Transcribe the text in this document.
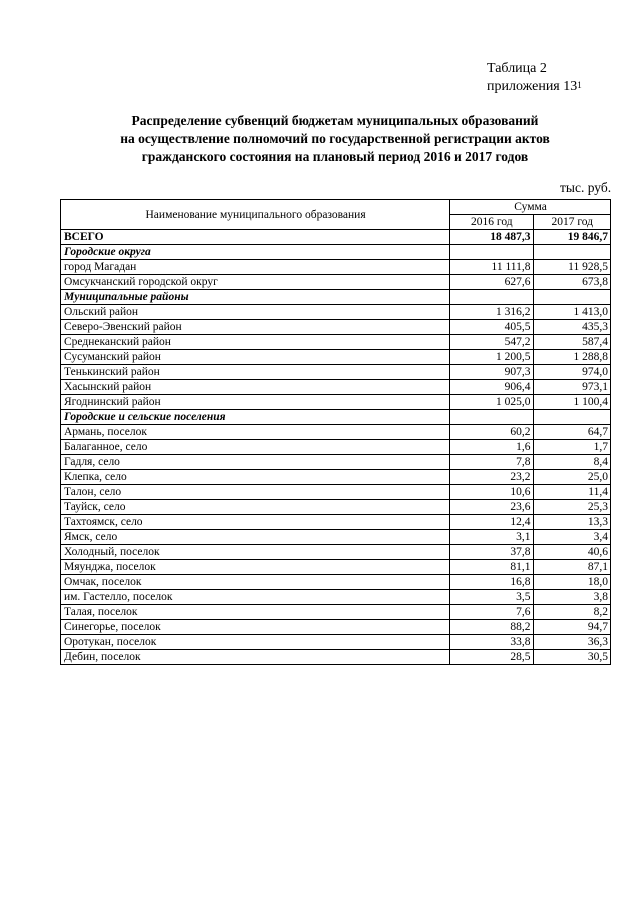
Таблица 2
приложения $13^1$
Распределение субвенций бюджетам муниципальных образований
на осуществление полномочий по государственной регистрации актов
гражданского состояния на плановый период 2016 и 2017 годов
тыс. руб.
Наименование муниципального образования	Сумма	
	2016 год	2017 год
ВСЕГО	18 487,3	19 846,7
Городские округа		
город Магадан	11 111,8	11 928,5
Омсукчанский городской округ	627,6	673,8
Муниципальные районы		
Ольский район	1 316,2	1 413,0
Северо-Эвенский район	405,5	435,3
Среднеканский район	547,2	587,4
Сусуманский район	1 200,5	1 288,8
Тенькинский район	907,3	974,0
Хасынский район	906,4	973,1
Ягоднинский район	1 025,0	1 100,4
Городские и сельские поселения		
Армань, поселок	60,2	64,7
Балаганное, село	1,6	1,7
Гадля, село	7,8	8,4
Клепка, село	23,2	25,0
Талон, село	10,6	11,4
Тауйск, село	23,6	25,3
Тахтоямск, село	12,4	13,3
Ямск, село	3,1	3,4
Холодный, поселок	37,8	40,6
Мяунджа, поселок	81,1	87,1
Омчак, поселок	16,8	18,0
им. Гастелло, поселок	3,5	3,8
Талая, поселок	7,6	8,2
Синегорье, поселок	88,2	94,7
Оротукан, поселок	33,8	36,3
Дебин, поселок	28,5	30,5
